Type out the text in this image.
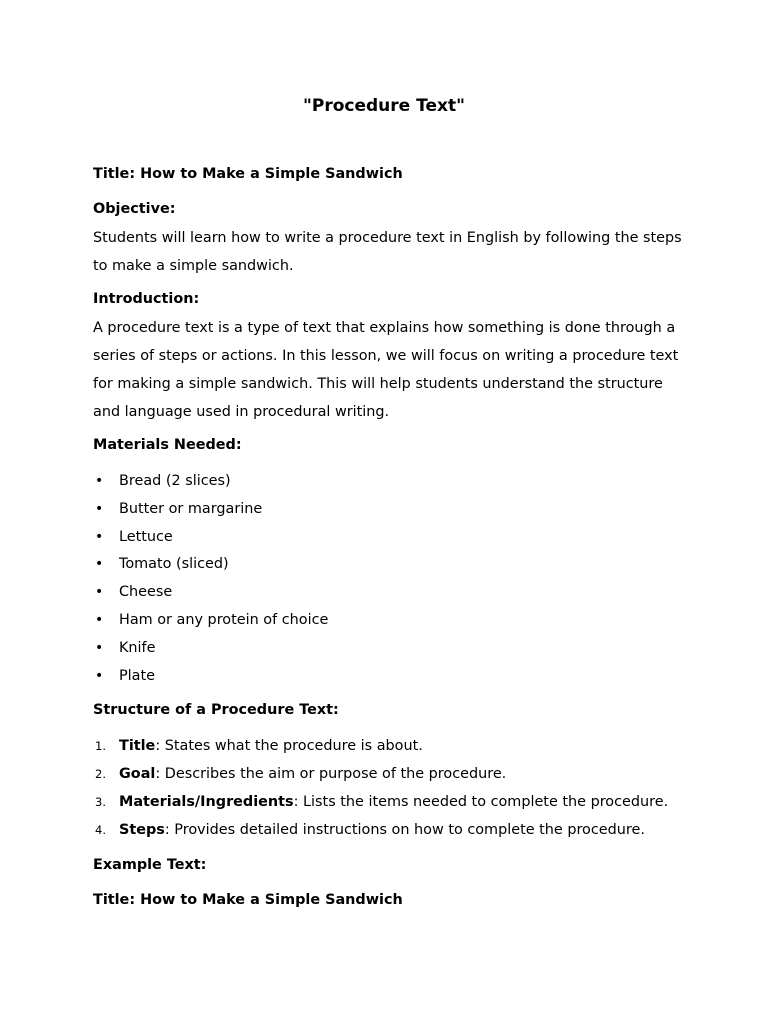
"Procedure Text"

Title: How to Make a Simple Sandwich

Objective:

Students will learn how to write a procedure text in English by following the steps to make a simple sandwich.

Introduction:

A procedure text is a type of text that explains how something is done through a series of steps or actions. In this lesson, we will focus on writing a procedure text for making a simple sandwich. This will help students understand the structure and language used in procedural writing.

Materials Needed:

• Bread (2 slices)
• Butter or margarine
• Lettuce
• Tomato (sliced)
• Cheese
• Ham or any protein of choice
• Knife
• Plate

Structure of a Procedure Text:

1. Title: States what the procedure is about.
2. Goal: Describes the aim or purpose of the procedure.
3. Materials/Ingredients: Lists the items needed to complete the procedure.
4. Steps: Provides detailed instructions on how to complete the procedure.

Example Text:

Title: How to Make a Simple Sandwich
